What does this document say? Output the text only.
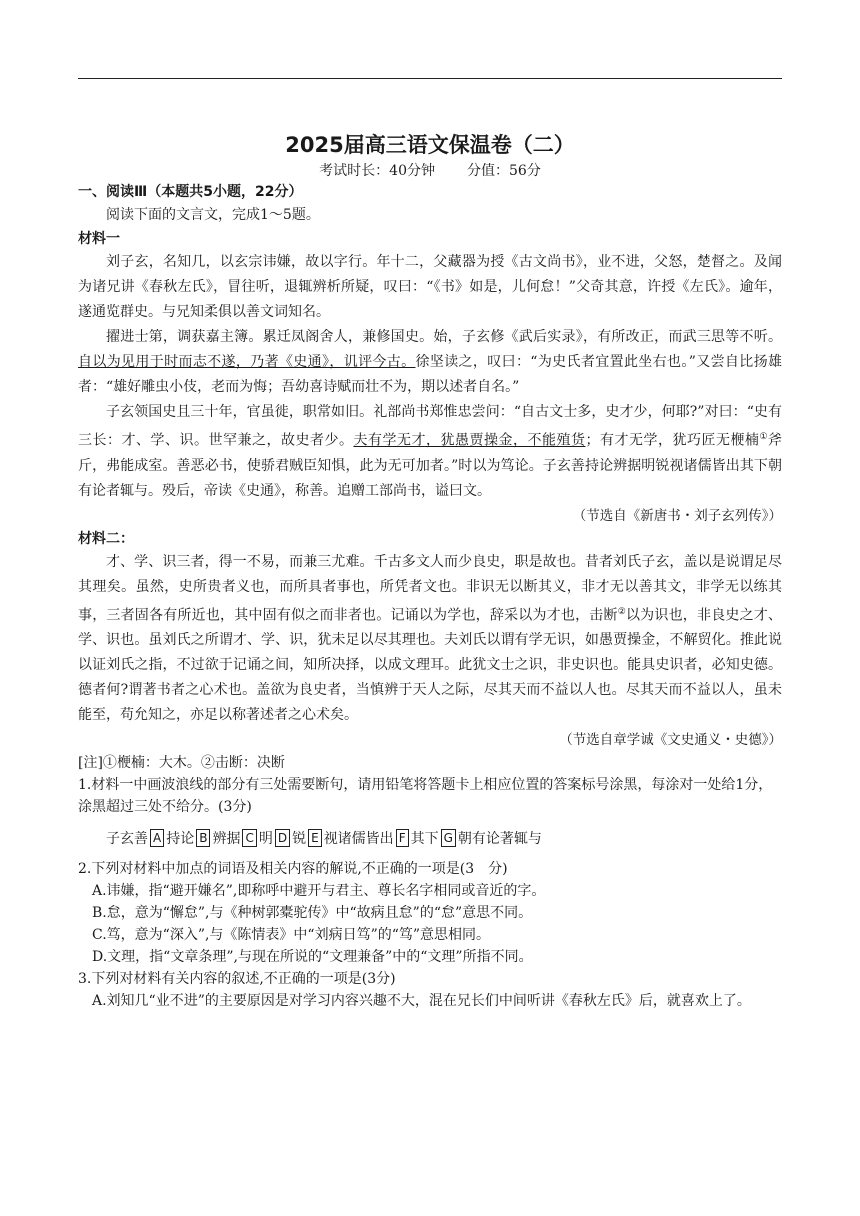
2025届高三语文保温卷（二）

考试时长：40分钟 分值：56分

一、阅读Ⅲ（本题共5小题，22分）

阅读下面的文言文，完成1～5题。

材料一

刘子玄，名知几，以玄宗讳嫌，故以字行。年十二，父藏器为授《古文尚书》，业不进，父怒，楚督之。及闻为诸兄讲《春秋左氏》，冒往听，退辄辨析所疑，叹曰：“《书》如是，儿何怠！”父奇其意，许授《左氏》。逾年，遂通览群史。与兄知柔俱以善文词知名。

擢进士第，调获嘉主簿。累迁凤阁舍人，兼修国史。始，子玄修《武后实录》，有所改正，而武三思等不听。自以为见用于时而志不遂，乃著《史通》，讥评今古。徐坚读之，叹曰：“为史氏者宜置此坐右也。”又尝自比扬雄者：“雄好雕虫小伎，老而为悔；吾幼喜诗赋而壮不为，期以述者自名。”

子玄领国史且三十年，官虽徙，职常如旧。礼部尚书郑惟忠尝问：“自古文士多，史才少，何耶?”对曰：“史有三长：才、学、识。世罕兼之，故史者少。夫有学无才，犹愚贾操金，不能殖货；有才无学，犹巧匠无楩楠①斧斤，弗能成室。善恶必书，使骄君贼臣知惧，此为无可加者。”时以为笃论。子玄善持论辨据明锐视诸儒皆出其下朝有论者辄与。殁后，帝读《史通》，称善。追赠工部尚书，谥曰文。

（节选自《新唐书・刘子玄列传》）

材料二：

才、学、识三者，得一不易，而兼三尤难。千古多文人而少良史，职是故也。昔者刘氏子玄，盖以是说谓足尽其理矣。虽然，史所贵者义也，而所具者事也，所凭者文也。非识无以断其义，非才无以善其文，非学无以练其事，三者固各有所近也，其中固有似之而非者也。记诵以为学也，辞采以为才也，击断②以为识也，非良史之才、学、识也。虽刘氏之所谓才、学、识，犹未足以尽其理也。夫刘氏以谓有学无识，如愚贾操金，不解贸化。推此说以证刘氏之指，不过欲于记诵之间，知所决择，以成文理耳。此犹文士之识，非史识也。能具史识者，必知史德。德者何?谓著书者之心术也。盖欲为良史者，当慎辨于天人之际，尽其天而不益以人也。尽其天而不益以人，虽未能至，苟允知之，亦足以称著述者之心术矣。

（节选自章学诚《文史通义・史德》）

[注]①楩楠：大木。②击断：决断

1.材料一中画波浪线的部分有三处需要断句，请用铅笔将答题卡上相应位置的答案标号涂黑，每涂对一处给1分，涂黑超过三处不给分。(3分)

子玄善 A 持论 B 辨据 C 明 D 锐 E 视诸儒皆出 F 其下 G 朝有论著辄与

2.下列对材料中加点的词语及相关内容的解说,不正确的一项是(3　分)

A.讳嫌，指“避开嫌名”,即称呼中避开与君主、尊长名字相同或音近的字。

B.怠，意为“懈怠”,与《种树郭橐驼传》中“故病且怠”的“怠”意思不同。

C.笃，意为“深入”,与《陈情表》中“刘病日笃”的“笃”意思相同。

D.文理，指“文章条理”,与现在所说的“文理兼备”中的“文理”所指不同。

3.下列对材料有关内容的叙述,不正确的一项是(3分)

A.刘知几“业不进”的主要原因是对学习内容兴趣不大，混在兄长们中间听讲《春秋左氏》后，就喜欢上了。
